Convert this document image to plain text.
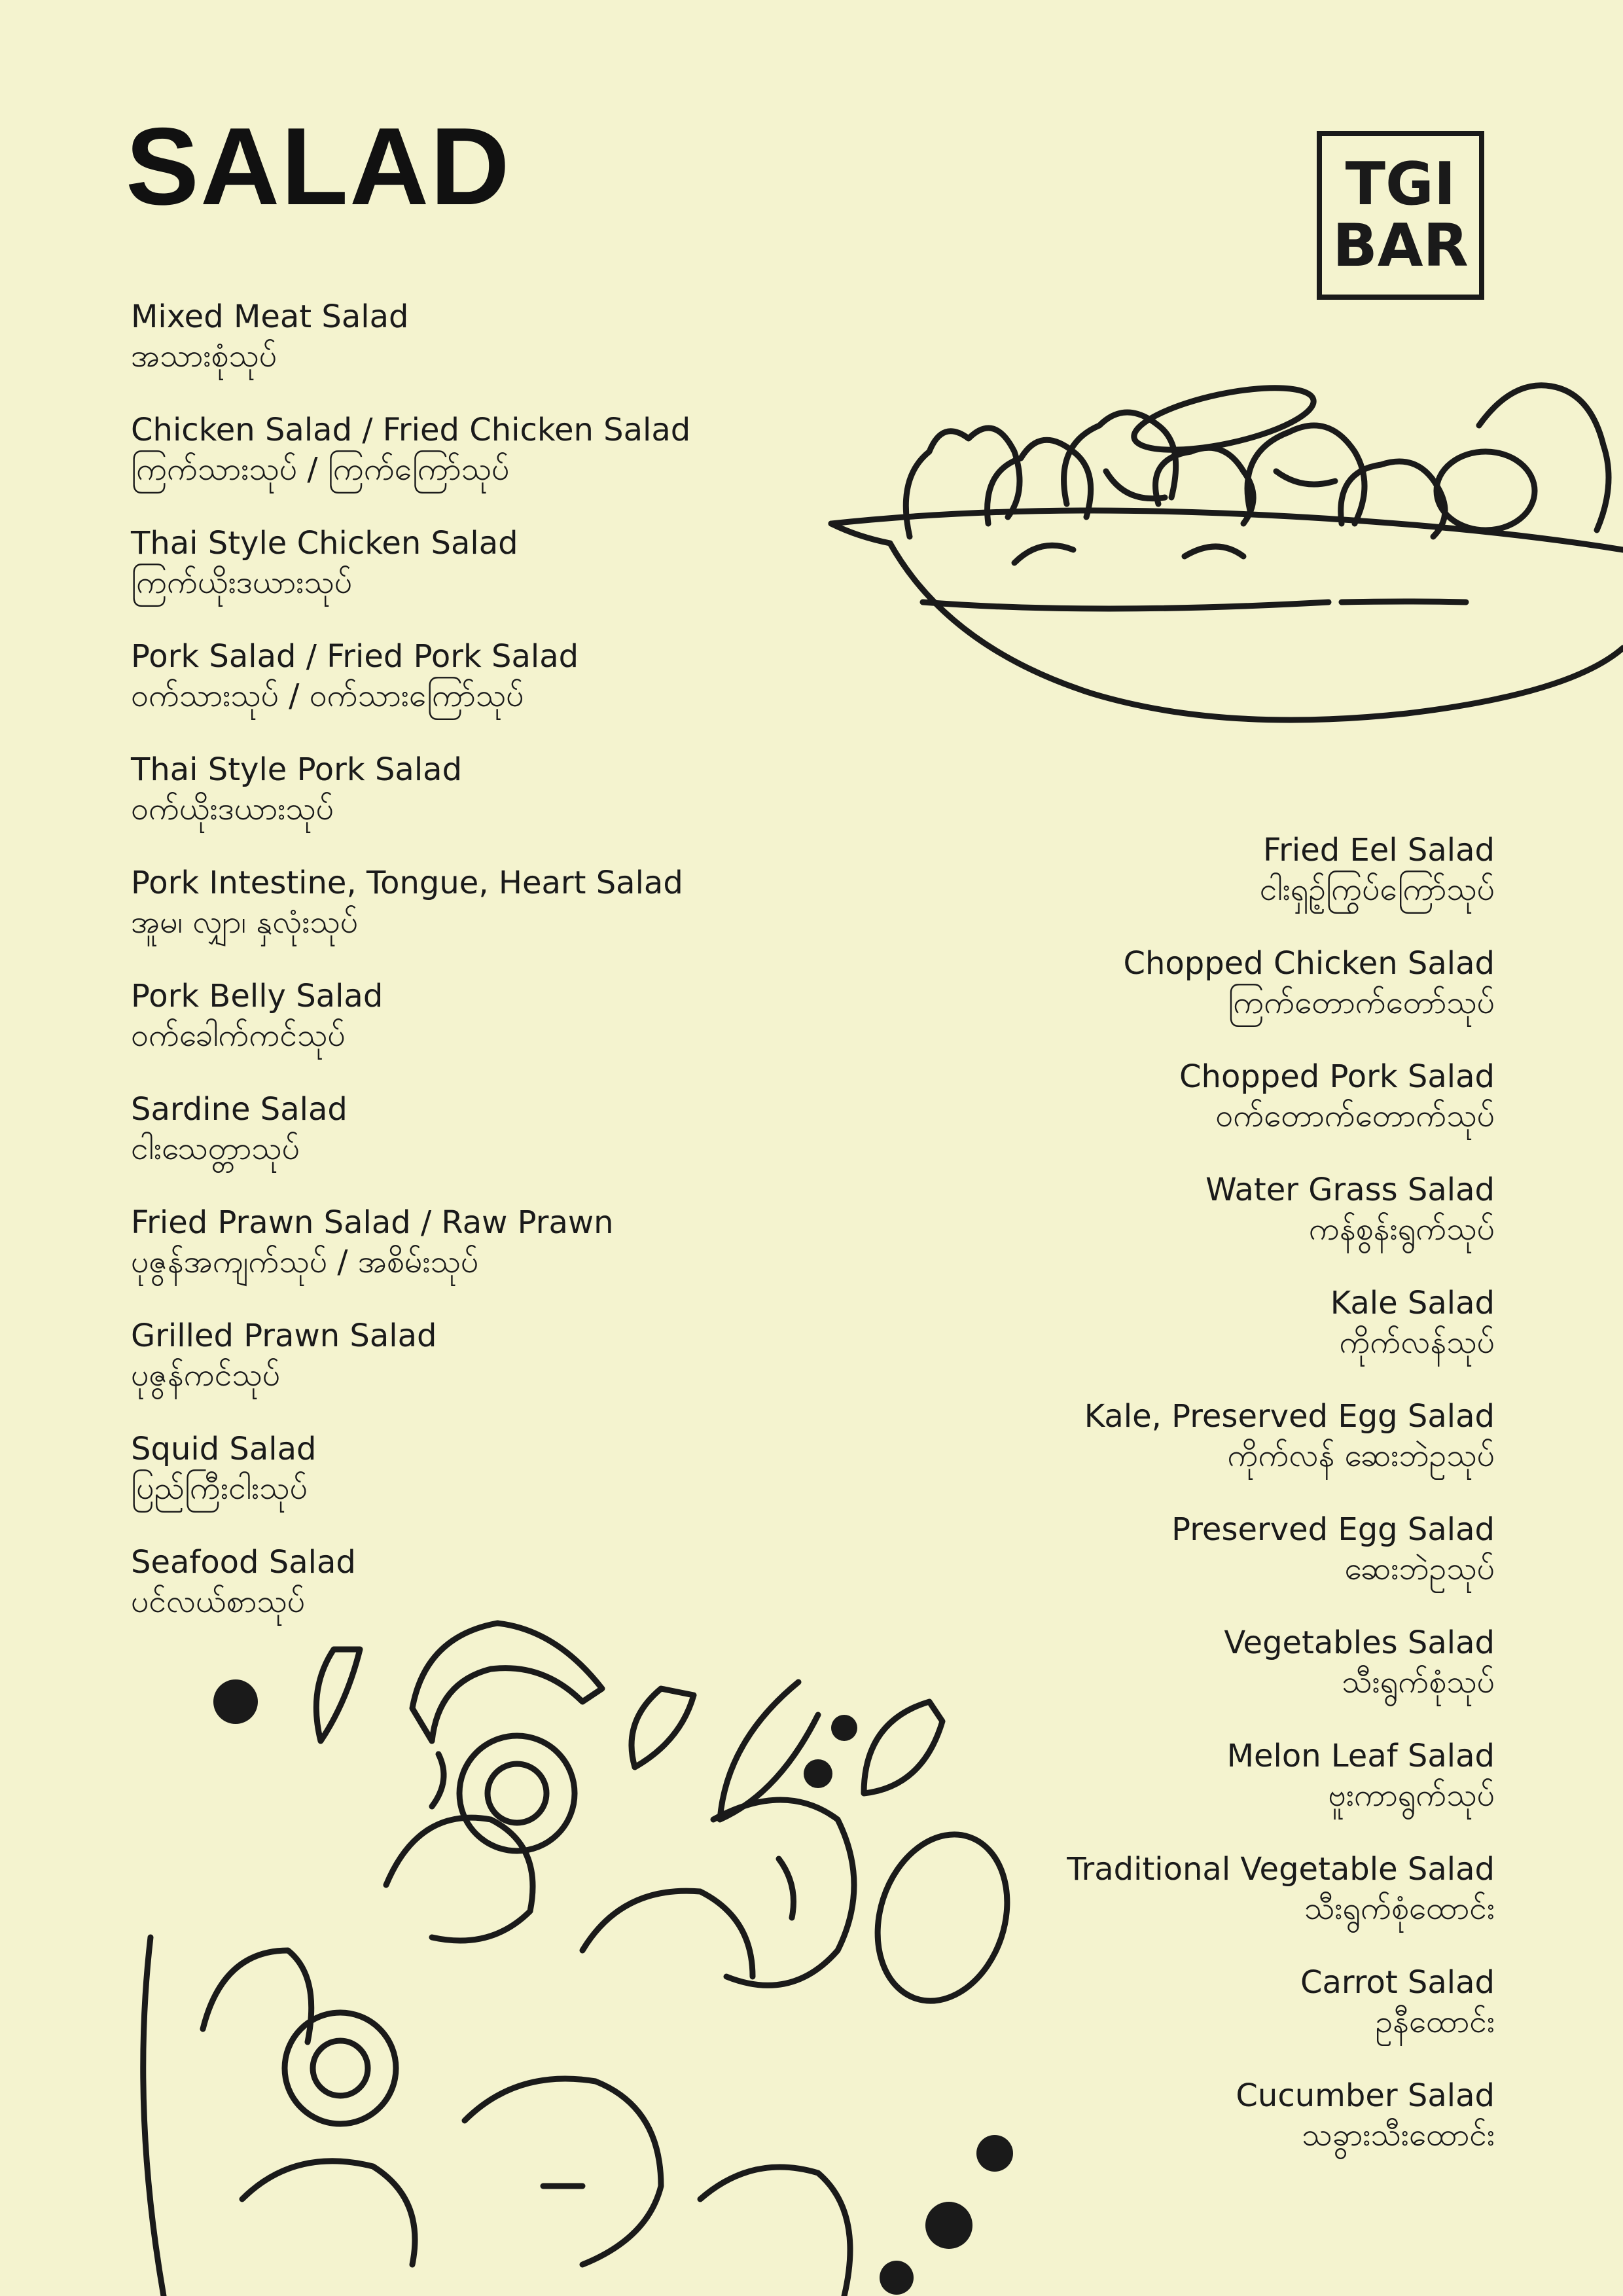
SALAD	TGI
BAR
Mixed Meat Salad
အသားစုံသုပ်
Chicken Salad / Fried Chicken Salad
ကြက်သားသုပ် / ကြက်ကြော်သုပ်
Thai Style Chicken Salad
ကြက်ယိုးဒယားသုပ်
Pork Salad / Fried Pork Salad
ဝက်သားသုပ် / ဝက်သားကြော်သုပ်
Thai Style Pork Salad
ဝက်ယိုးဒယားသုပ်
Pork Intestine, Tongue, Heart Salad
အူမ၊ လျှာ၊ နှလုံးသုပ်
Pork Belly Salad
ဝက်ခေါက်ကင်သုပ်
Sardine Salad
ငါးသေတ္တာသုပ်
Fried Prawn Salad / Raw Prawn
ပုဇွန်အကျက်သုပ် / အစိမ်းသုပ်
Grilled Prawn Salad
ပုဇွန်ကင်သုပ်
Squid Salad
ပြည်ကြီးငါးသုပ်
Seafood Salad
ပင်လယ်စာသုပ်
Fried Eel Salad
ငါးရှဉ့်ကြွပ်ကြော်သုပ်
Chopped Chicken Salad
ကြက်တောက်တော်သုပ်
Chopped Pork Salad
ဝက်တောက်တောက်သုပ်
Water Grass Salad
ကန်စွန်းရွက်သုပ်
Kale Salad
ကိုက်လန်သုပ်
Kale, Preserved Egg Salad
ကိုက်လန် ဆေးဘဲဥသုပ်
Preserved Egg Salad
ဆေးဘဲဥသုပ်
Vegetables Salad
သီးရွက်စုံသုပ်
Melon Leaf Salad
ဗူးကာရွက်သုပ်
Traditional Vegetable Salad
သီးရွက်စုံထောင်း
Carrot Salad
ဥနီထောင်း
Cucumber Salad
သခွားသီးထောင်း
